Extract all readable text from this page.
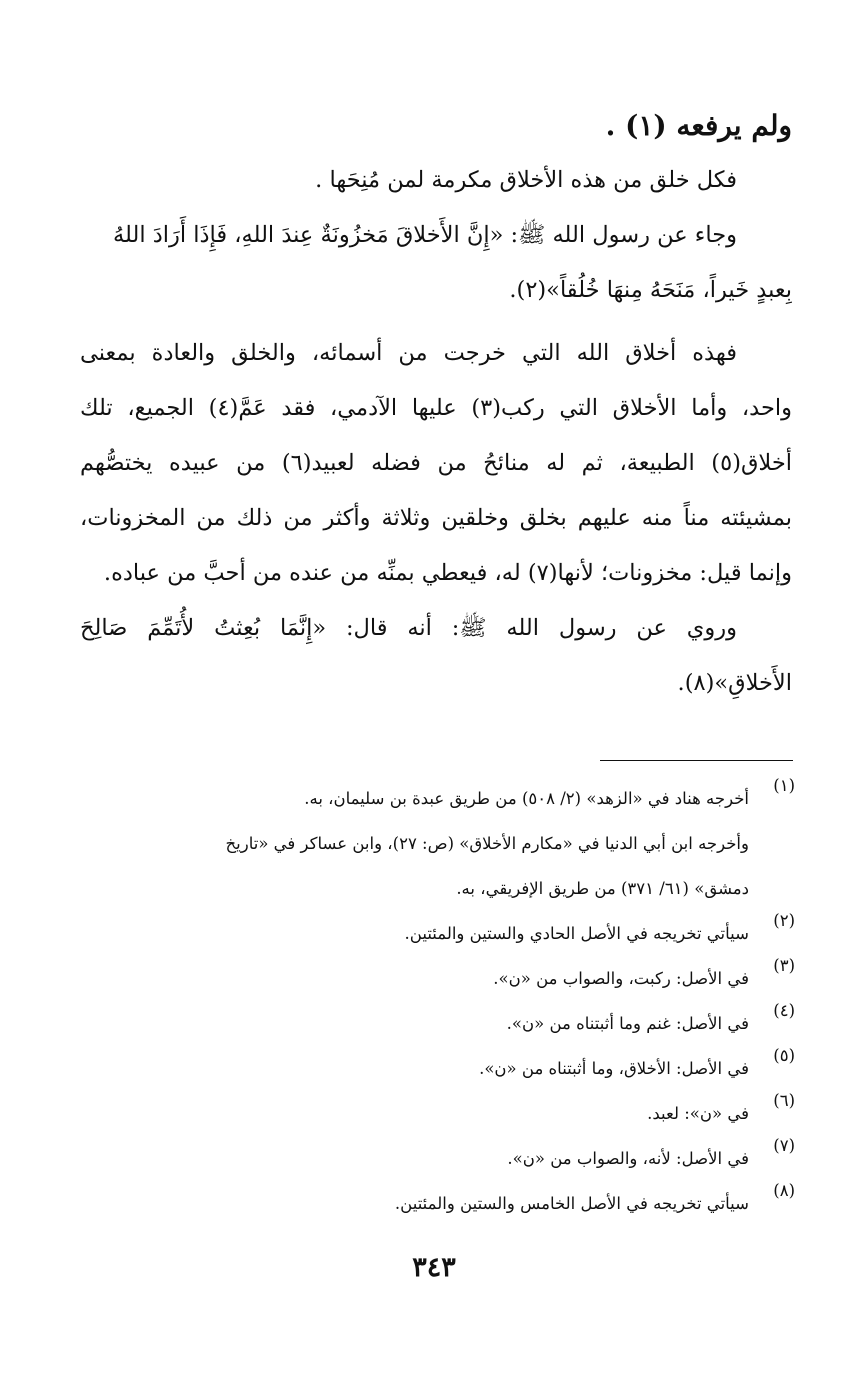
ولم يرفعه (١) .
فكل خلق من هذه الأخلاق مكرمة لمن مُنِحَها .
وجاء عن رسول الله ﷺ: «إِنَّ الأَخلاقَ مَخزُونَةٌ عِندَ اللهِ، فَإِذَا أَرَادَ اللهُ
بِعبدٍ خَيراً، مَنَحَهُ مِنهَا خُلُقاً»(٢).
فهذه أخلاق الله التي خرجت من أسمائه، والخلق والعادة بمعنى
واحد، وأما الأخلاق التي ركب(٣) عليها الآدمي، فقد عَمَّ(٤) الجميع، تلك
أخلاق(٥) الطبيعة، ثم له منائحُ من فضله لعبيد(٦) من عبيده يختصُّهم
بمشيئته مناً منه عليهم بخلق وخلقين وثلاثة وأكثر من ذلك من المخزونات،
وإنما قيل: مخزونات؛ لأنها(٧) له، فيعطي بمنِّه من عنده من أحبَّ من عباده.
وروي عن رسول الله ﷺ: أنه قال: «إِنَّمَا بُعِثتُ لأُتَمِّمَ صَالِحَ
الأَخلاقِ»(٨).
(١)
أخرجه هناد في «الزهد» (٢/ ٥٠٨) من طريق عبدة بن سليمان، به.
وأخرجه ابن أبي الدنيا في «مكارم الأخلاق» (ص: ٢٧)، وابن عساكر في «تاريخ
دمشق» (٦١/ ٣٧١) من طريق الإفريقي، به.
(٢)
سيأتي تخريجه في الأصل الحادي والستين والمئتين.
(٣)
في الأصل: ركبت، والصواب من «ن».
(٤)
في الأصل: غنم وما أثبتناه من «ن».
(٥)
في الأصل: الأخلاق، وما أثبتناه من «ن».
(٦)
في «ن»: لعبد.
(٧)
في الأصل: لأنه، والصواب من «ن».
(٨)
سيأتي تخريجه في الأصل الخامس والستين والمئتين.
٣٤٣
